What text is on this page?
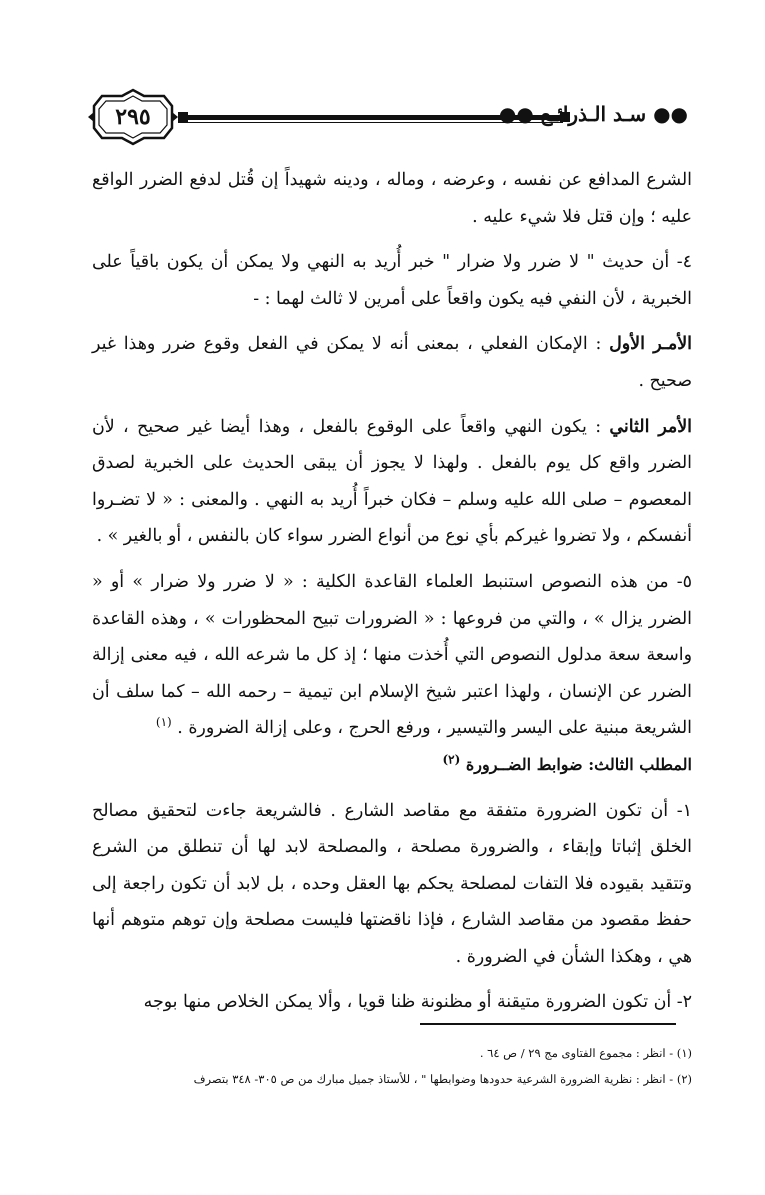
٢٩٥	●● سـد الـذرائـع ●●

الشرع المدافع عن نفسه ، وعرضه ، وماله ، ودينه شهيداً إن قُتل لدفع الضرر الواقع عليه ؛ وإن قتل فلا شيء عليه .

٤- أن حديث " لا ضرر ولا ضرار " خبر أُريد به النهي ولا يمكن أن يكون باقياً على الخبرية ، لأن النفي فيه يكون واقعاً على أمرين لا ثالث لهما : -

الأمـر الأول : الإمكان الفعلي ، بمعنى أنه لا يمكن في الفعل وقوع ضرر وهذا غير صحيح .

الأمر الثاني : يكون النهي واقعاً على الوقوع بالفعل ، وهذا أيضا غير صحيح ، لأن الضرر واقع كل يوم بالفعل . ولهذا لا يجوز أن يبقى الحديث على الخبرية لصدق المعصوم – صلى الله عليه وسلم – فكان خبراً أُريد به النهي . والمعنى : « لا تضـروا أنفسكم ، ولا تضروا غيركم بأي نوع من أنواع الضرر سواء كان بالنفس ، أو بالغير » .

٥- من هذه النصوص استنبط العلماء القاعدة الكلية : « لا ضرر ولا ضرار » أو « الضرر يزال » ، والتي من فروعها : « الضرورات تبيح المحظورات » ، وهذه القاعدة واسعة سعة مدلول النصوص التي أُخذت منها ؛ إذ كل ما شرعه الله ، فيه معنى إزالة الضرر عن الإنسان ، ولهذا اعتبر شيخ الإسلام ابن تيمية – رحمه الله – كما سلف أن الشريعة مبنية على اليسر والتيسير ، ورفع الحرج ، وعلى إزالة الضرورة . $^{(١)}$

المطلب الثالث: ضوابط الضــرورة $^{(٢)}$

١- أن تكون الضرورة متفقة مع مقاصد الشارع . فالشريعة جاءت لتحقيق مصالح الخلق إثباتا وإبقاء ، والضرورة مصلحة ، والمصلحة لابد لها أن تنطلق من الشرع وتتقيد بقيوده فلا التفات لمصلحة يحكم بها العقل وحده ، بل لابد أن تكون راجعة إلى حفظ مقصود من مقاصد الشارع ، فإذا ناقضتها فليست مصلحة وإن توهم متوهم أنها هي ، وهكذا الشأن في الضرورة .

٢- أن تكون الضرورة متيقنة أو مظنونة ظنا قويا ، وألا يمكن الخلاص منها بوجه

(١) - انظر : مجموع الفتاوى مج ٢٩ / ص ٦٤ .
(٢) - انظر : نظرية الضرورة الشرعية حدودها وضوابطها " ، للأستاذ جميل مبارك من ص ٣٠٥- ٣٤٨ بتصرف
